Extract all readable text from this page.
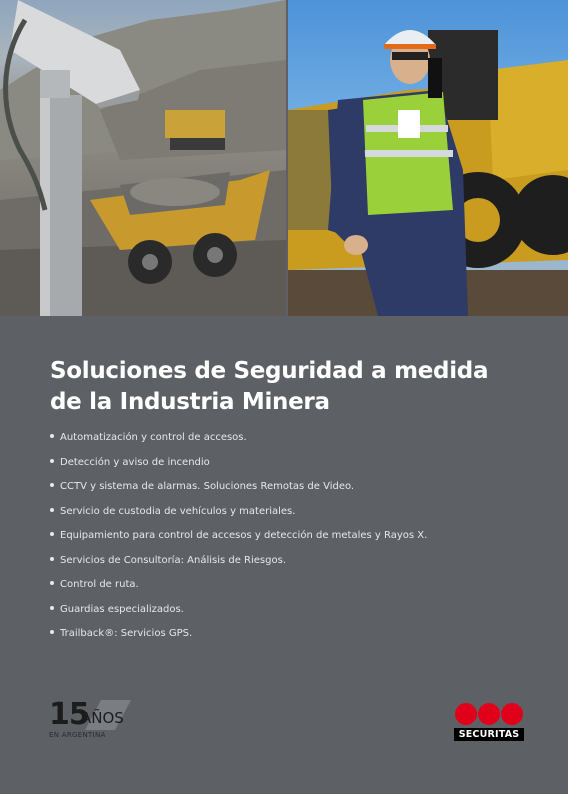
Soluciones de Seguridad a medida
de la Industria Minera
Automatización y control de accesos.
Detección y aviso de incendio
CCTV y sistema de alarmas. Soluciones Remotas de Video.
Servicio de custodia de vehículos y materiales.
Equipamiento para control de accesos y detección de metales y Rayos X.
Servicios de Consultoría: Análisis de Riesgos.
Control de ruta.
Guardias especializados.
Trailback®: Servicios GPS.
15
AÑOS
EN ARGENTINA	SECURITAS
